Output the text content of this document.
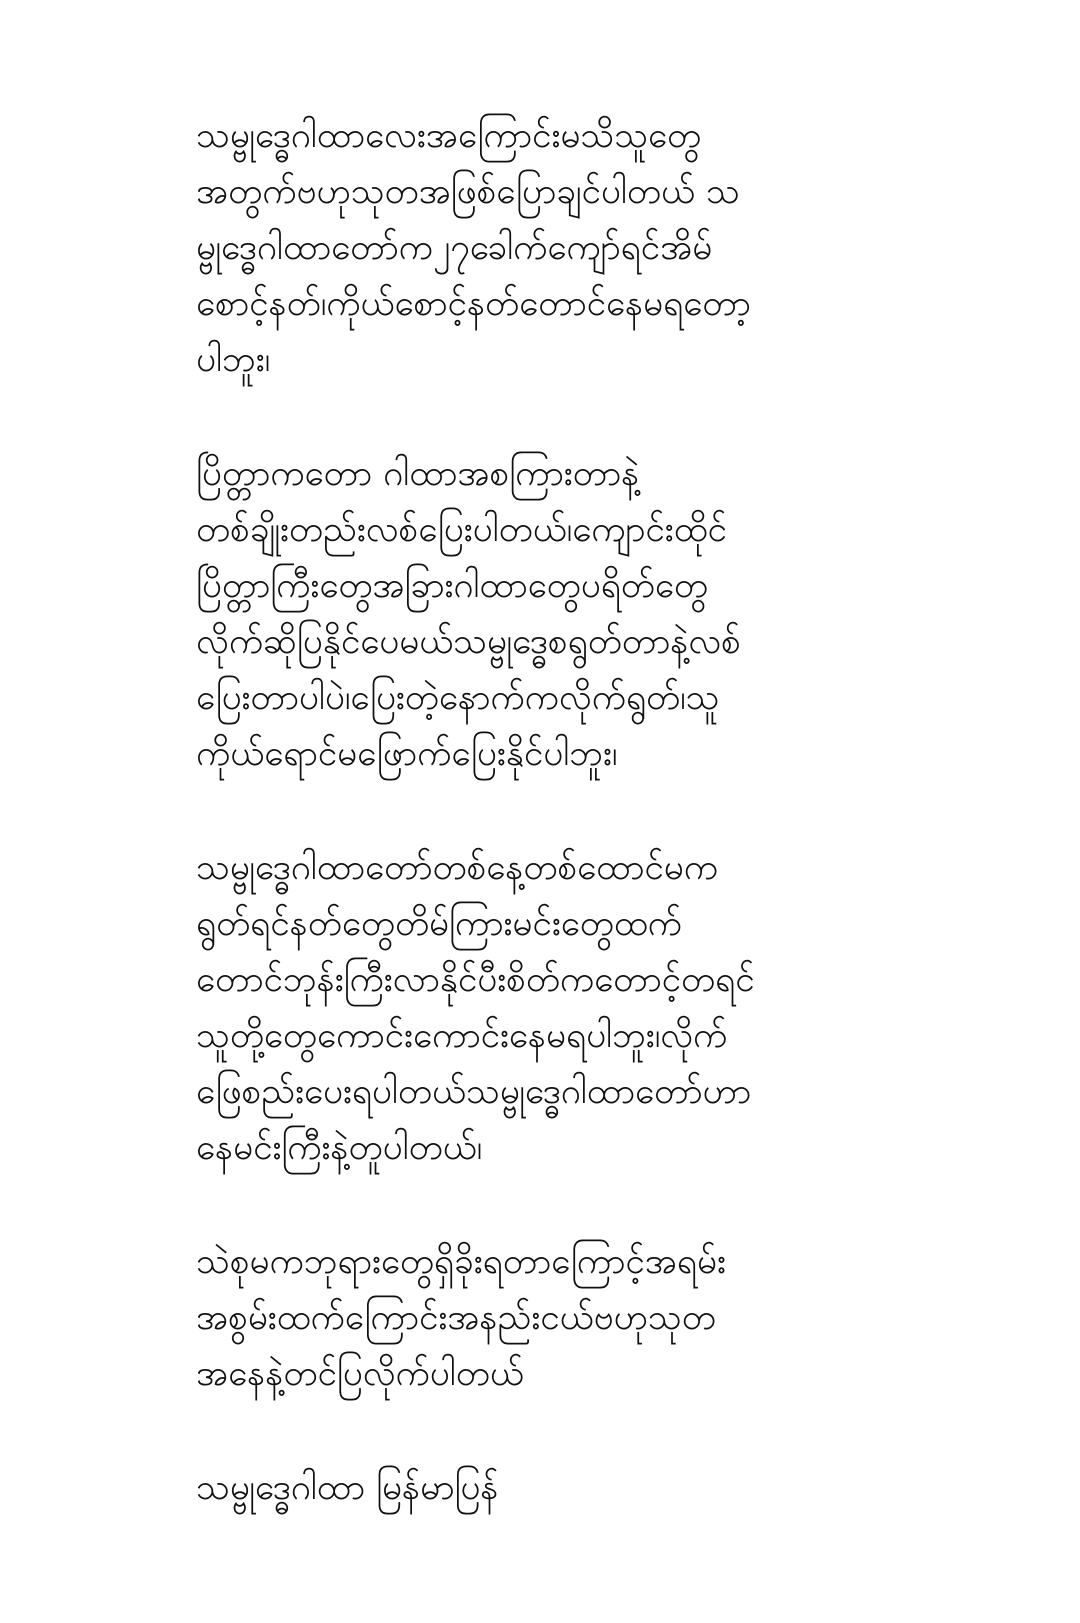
သမ္ဗုဒ္ဓေဂါထာလေးအကြောင်းမသိသူတွေ
အတွက်ဗဟုသုတအဖြစ်ပြောချင်ပါတယ် သ
မ္ဗုဒ္ဓေဂါထာတော်က၂၇ခေါက်ကျော်ရင်အိမ်
စောင့်နတ်၊ကိုယ်စောင့်နတ်တောင်နေမရတော့
ပါဘူး၊
ပြိတ္တာကတော ဂါထာအစကြားတာနဲ့
တစ်ချိုးတည်းလစ်ပြေးပါတယ်၊ကျောင်းထိုင်
ပြိတ္တာကြီးတွေအခြားဂါထာတွေပရိတ်တွေ
လိုက်ဆိုပြနိုင်ပေမယ်သမ္ဗုဒ္ဓေစရွတ်တာနဲ့လစ်
ပြေးတာပါပဲ၊ပြေးတဲ့နောက်ကလိုက်ရွတ်၊သူ
ကိုယ်ရောင်မဖြောက်ပြေးနိုင်ပါဘူး၊
သမ္ဗုဒ္ဓေဂါထာတော်တစ်နေ့တစ်ထောင်မက
ရွတ်ရင်နတ်တွေတိမ်ကြားမင်းတွေထက်
တောင်ဘုန်းကြီးလာနိုင်ပီးစိတ်ကတောင့်တရင်
သူတို့တွေကောင်းကောင်းနေမရပါဘူး၊လိုက်
ဖြေစည်းပေးရပါတယ်သမ္ဗုဒ္ဓေဂါထာတော်ဟာ
နေမင်းကြီးနဲ့တူပါတယ်၊
သဲစုမကဘုရားတွေရှိခိုးရတာကြောင့်အရမ်း
အစွမ်းထက်ကြောင်းအနည်းငယ်ဗဟုသုတ
အနေနဲ့တင်ပြလိုက်ပါတယ်
သမ္ဗုဒ္ဓေဂါထာ မြန်မာပြန်
